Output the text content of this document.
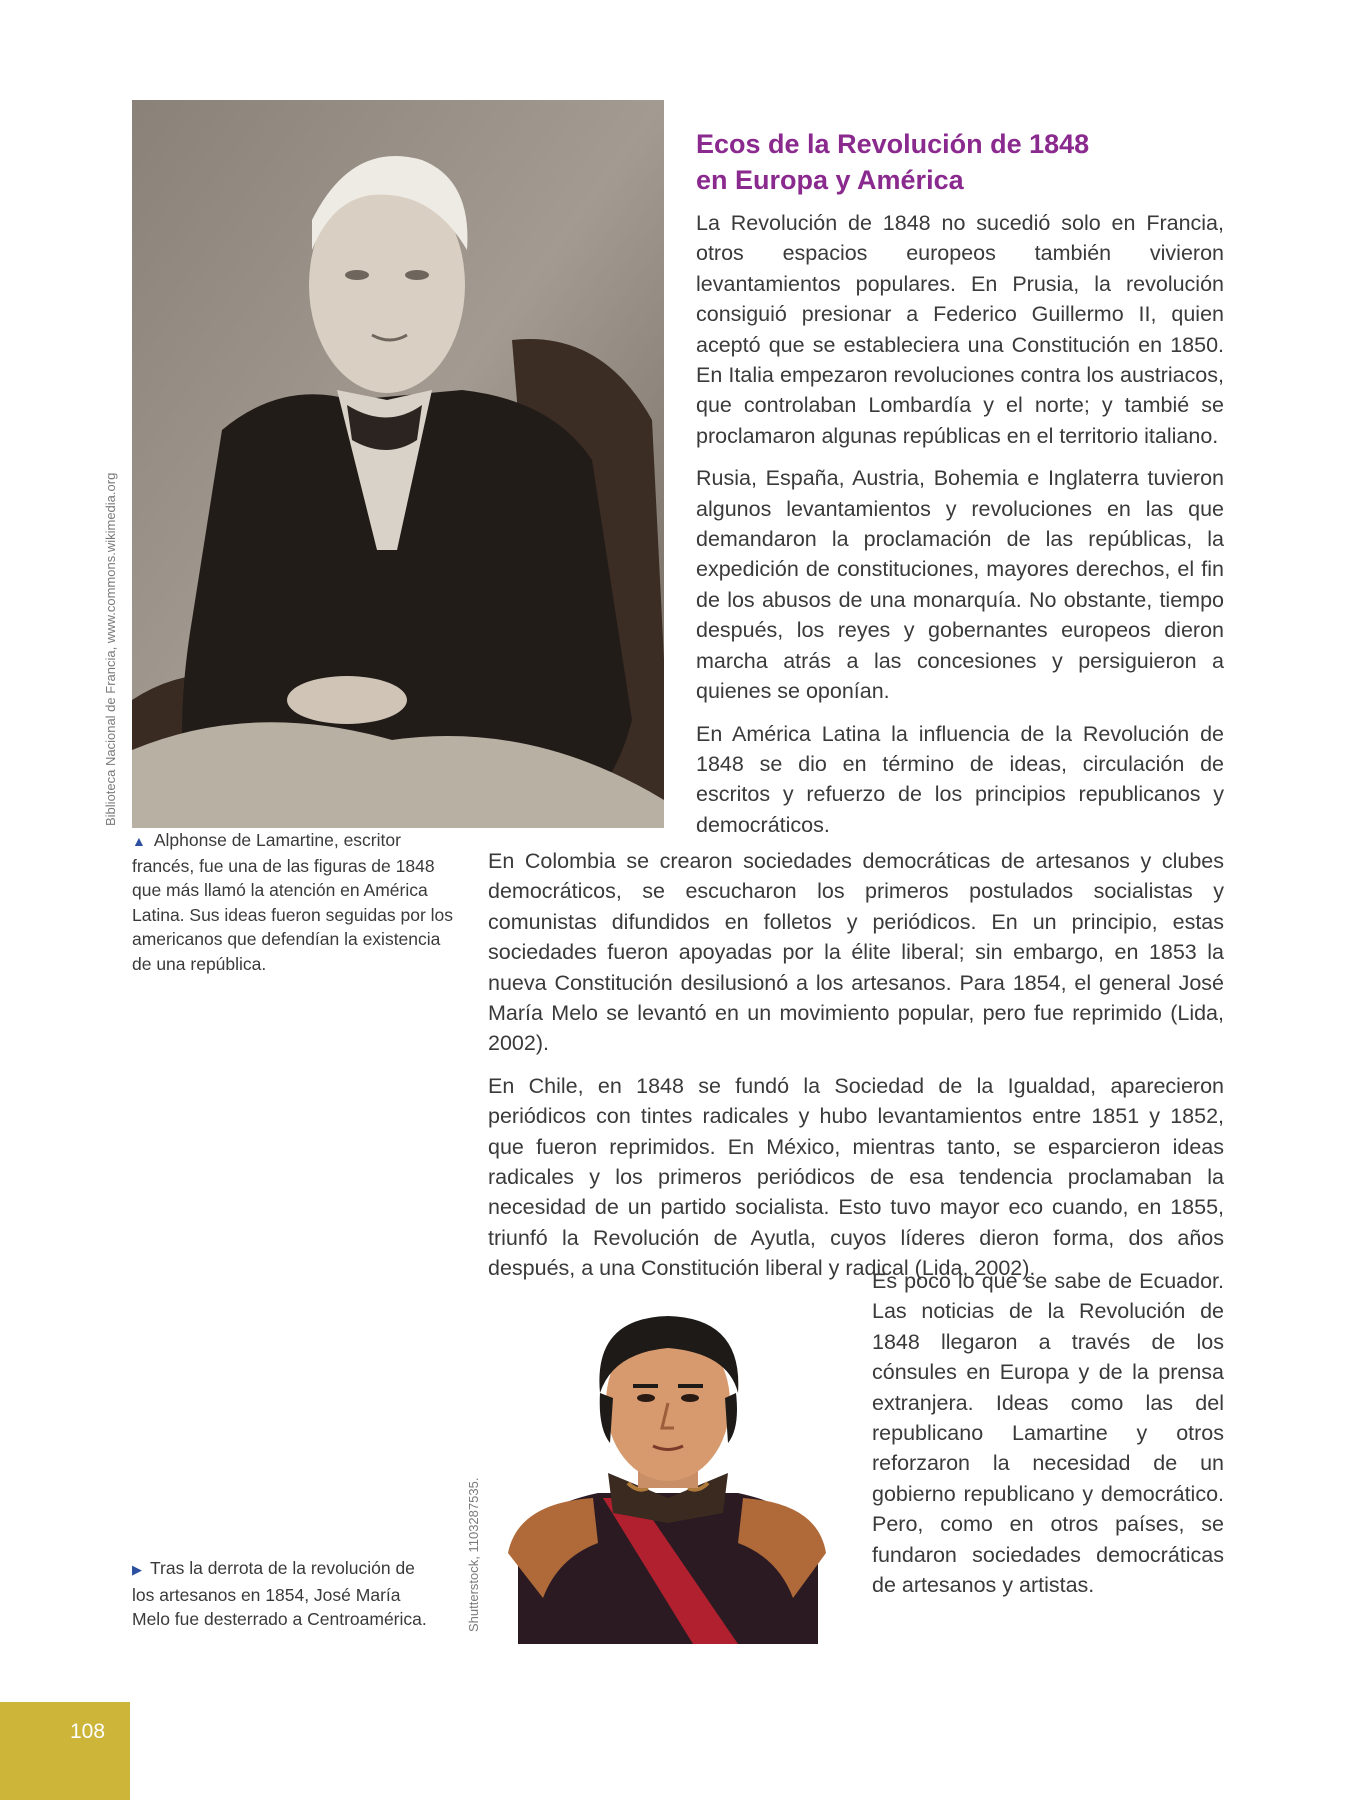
Biblioteca Nacional de Francia, www.commons.wikimedia.org
▲ Alphonse de Lamartine, escritor francés, fue una de las figuras de 1848 que más llamó la atención en América Latina. Sus ideas fueron seguidas por los americanos que defendían la existencia de una república.
Ecos de la Revolución de 1848
en Europa y América

La Revolución de 1848 no sucedió solo en Francia, otros espacios europeos también vivieron levantamientos populares. En Prusia, la revolución consiguió presionar a Federico Guillermo II, quien aceptó que se estableciera una Constitución en 1850. En Italia empezaron revoluciones contra los austriacos, que controlaban Lombardía y el norte; y tambié se proclamaron algunas repúblicas en el territorio italiano.

Rusia, España, Austria, Bohemia e Inglaterra tuvieron algunos levantamientos y revoluciones en las que demandaron la proclamación de las repúblicas, la expedición de constituciones, mayores derechos, el fin de los abusos de una monarquía. No obstante, tiempo después, los reyes y gobernantes europeos dieron marcha atrás a las concesiones y persiguieron a quienes se oponían.

En América Latina la influencia de la Revolución de 1848 se dio en término de ideas, circulación de escritos y refuerzo de los principios republicanos y democráticos.

En Colombia se crearon sociedades democráticas de artesanos y clubes democráticos, se escucharon los primeros postulados socialistas y comunistas difundidos en folletos y periódicos. En un principio, estas sociedades fueron apoyadas por la élite liberal; sin embargo, en 1853 la nueva Constitución desilusionó a los artesanos. Para 1854, el general José María Melo se levantó en un movimiento popular, pero fue reprimido (Lida, 2002).

En Chile, en 1848 se fundó la Sociedad de la Igualdad, aparecieron periódicos con tintes radicales y hubo levantamientos entre 1851 y 1852, que fueron reprimidos. En México, mientras tanto, se esparcieron ideas radicales y los primeros periódicos de esa tendencia proclamaban la necesidad de un partido socialista. Esto tuvo mayor eco cuando, en 1855, triunfó la Revolución de Ayutla, cuyos líderes dieron forma, dos años después, a una Constitución liberal y radical (Lida, 2002).

Es poco lo que se sabe de Ecuador. Las noticias de la Revolución de 1848 llegaron a través de los cónsules en Europa y de la prensa extranjera. Ideas como las del republicano Lamartine y otros reforzaron la necesidad de un gobierno republicano y democrático. Pero, como en otros países, se fundaron sociedades democráticas de artesanos y artistas.

Shutterstock, 1103287535.
▶ Tras la derrota de la revolución de los artesanos en 1854, José María Melo fue desterrado a Centroamérica.
108
